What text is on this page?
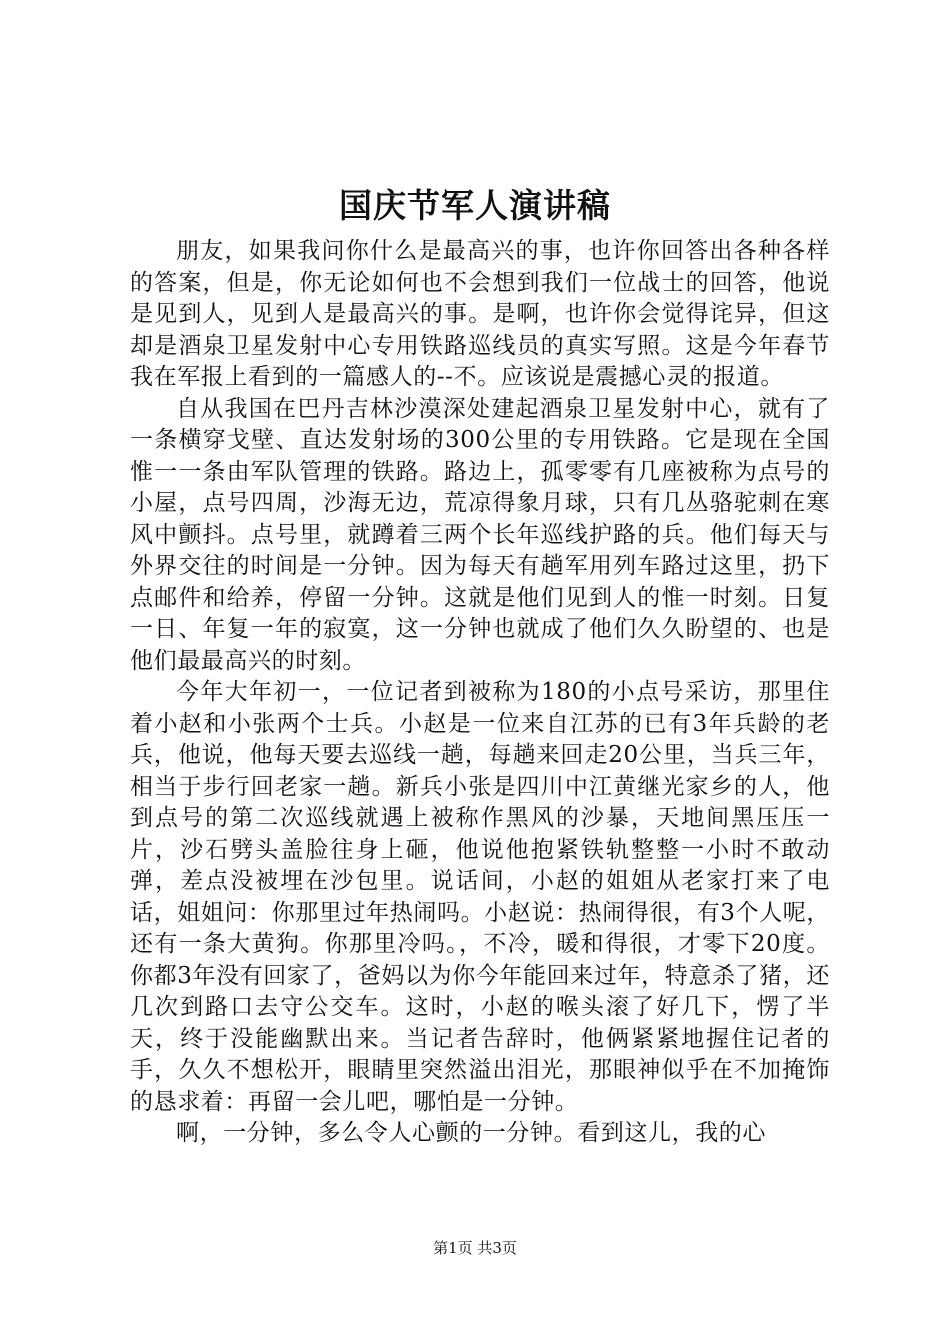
国庆节军人演讲稿

朋友，如果我问你什么是最高兴的事，也许你回答出各种各样的答案，但是，你无论如何也不会想到我们一位战士的回答，他说是见到人，见到人是最高兴的事。是啊，也许你会觉得诧异，但这却是酒泉卫星发射中心专用铁路巡线员的真实写照。这是今年春节我在军报上看到的一篇感人的--不。应该说是震撼心灵的报道。

自从我国在巴丹吉林沙漠深处建起酒泉卫星发射中心，就有了一条横穿戈壁、直达发射场的300公里的专用铁路。它是现在全国惟一一条由军队管理的铁路。路边上，孤零零有几座被称为点号的小屋，点号四周，沙海无边，荒凉得象月球，只有几丛骆驼刺在寒风中颤抖。点号里，就蹲着三两个长年巡线护路的兵。他们每天与外界交往的时间是一分钟。因为每天有趟军用列车路过这里，扔下点邮件和给养，停留一分钟。这就是他们见到人的惟一时刻。日复一日、年复一年的寂寞，这一分钟也就成了他们久久盼望的、也是他们最最高兴的时刻。

今年大年初一，一位记者到被称为180的小点号采访，那里住着小赵和小张两个士兵。小赵是一位来自江苏的已有3年兵龄的老兵，他说，他每天要去巡线一趟，每趟来回走20公里，当兵三年，相当于步行回老家一趟。新兵小张是四川中江黄继光家乡的人，他到点号的第二次巡线就遇上被称作黑风的沙暴，天地间黑压压一片，沙石劈头盖脸往身上砸，他说他抱紧铁轨整整一小时不敢动弹，差点没被埋在沙包里。说话间，小赵的姐姐从老家打来了电话，姐姐问：你那里过年热闹吗。小赵说：热闹得很，有3个人呢，还有一条大黄狗。你那里冷吗。，不冷，暖和得很，才零下20度。你都3年没有回家了，爸妈以为你今年能回来过年，特意杀了猪，还几次到路口去守公交车。这时，小赵的喉头滚了好几下，愣了半天，终于没能幽默出来。当记者告辞时，他俩紧紧地握住记者的手，久久不想松开，眼睛里突然溢出泪光，那眼神似乎在不加掩饰的恳求着：再留一会儿吧，哪怕是一分钟。

啊，一分钟，多么令人心颤的一分钟。看到这儿，我的心

第1页 共3页
